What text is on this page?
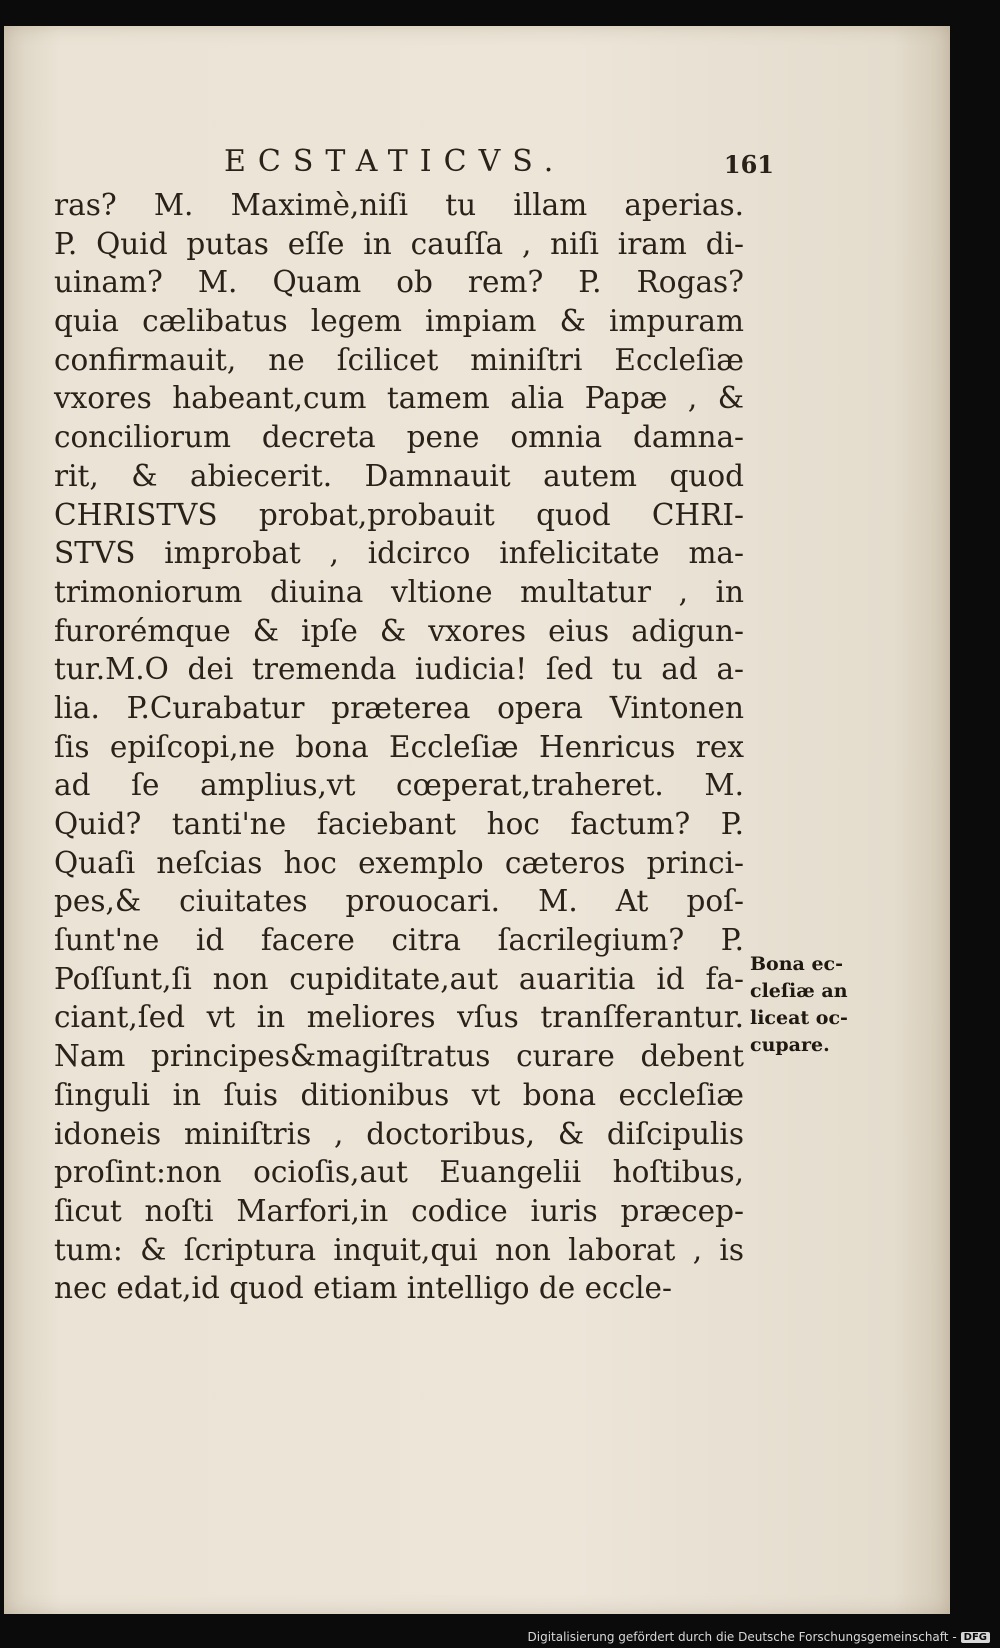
ECSTATICVS.	161
ras? M. Maximè,niſi tu illam aperias.
P. Quid putas eſſe in cauſſa , niſi iram di-
uinam? M. Quam ob rem? P. Rogas?
quia cælibatus legem impiam & impuram
confirmauit, ne ſcilicet miniſtri Eccleſiæ
vxores habeant,cum tamem alia Papæ , &
conciliorum decreta pene omnia damna-
rit, & abiecerit. Damnauit autem quod
CHRISTVS probat,probauit quod CHRI-
STVS improbat , idcirco infelicitate ma-
trimoniorum diuina vltione multatur , in
furorémque & ipſe & vxores eius adigun-
tur.M.O dei tremenda iudicia! ſed tu ad a-
lia. P.Curabatur præterea opera Vintonen
ſis epiſcopi,ne bona Eccleſiæ Henricus rex
ad ſe amplius,vt cœperat,traheret. M.
Quid? tanti'ne faciebant hoc factum? P.
Quaſi neſcias hoc exemplo cæteros princi-
pes,& ciuitates prouocari. M. At poſ-
ſunt'ne id facere citra ſacrilegium? P.
Poſſunt,ſi non cupiditate,aut auaritia id fa-
ciant,ſed vt in meliores vſus tranſferantur.
Nam principes&magiſtratus curare debent
ſinguli in ſuis ditionibus vt bona eccleſiæ
idoneis miniſtris , doctoribus, & diſcipulis
proſint:non ocioſis,aut Euangelii hoſtibus,
ſicut noſti Marfori,in codice iuris præcep-
tum: & ſcriptura inquit,qui non laborat , is
nec edat,id quod etiam intelligo de eccle-
Bona ec-
cleſiæ an
liceat oc-
cupare.
Digitalisierung gefördert durch die Deutsche Forschungsgemeinschaft - DFG
